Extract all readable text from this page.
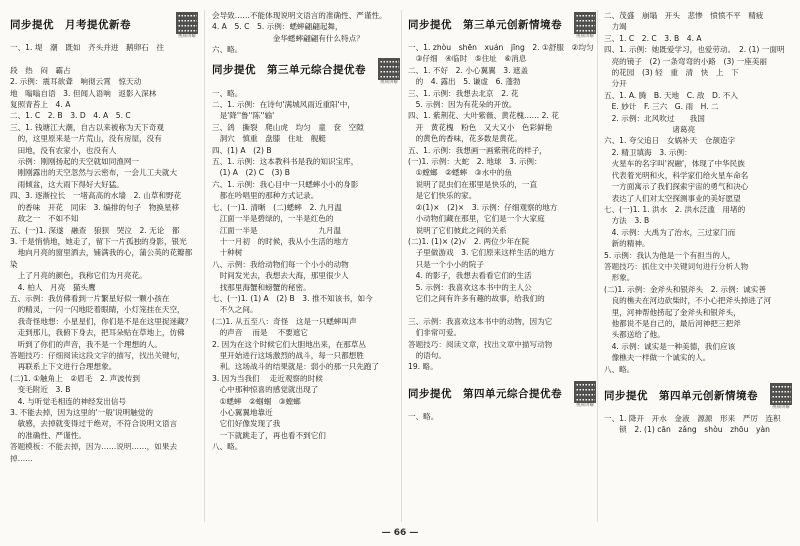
同步提优　月考提优新卷
视频讲解

一、1. 堤　潮　既如　齐头并进　鹅卵石　往

段　热　闷　霸占　　　　　　　　　　　　　

2. 示例：震耳欲聋　响彻云霄　惊天动

地　嗡嗡自语　3. 但闻人语响　返影入深林

复照青苔上　4. A

二、1. C　2. B　3. D　4. A　5. C

三、1. 钱塘江大潮，自古以来被称为天下奇观

　的，这里原来是一片荒山，没有房屋，没有

　田地，没有农家小，也没有人　　

　示例：刚刚扬起的天空就如同渔网一

　刚刚露出的天空忽然与云密布，一会儿工夫就大

　雨倾盆，这大雨下得好大好猛。

四、3. 逐渐拉长　一堵高高的水墙　2. 山草和野花

　的香味　开花　同床　3. 编排的句子　物换星移

　敌之一　不如不知

五、(一)1. 深遂　融查　狼狈　哭泣　2. 无论　都

3. 千是悄悄地，她走了，留下一片孤独的身影，银光

　地向月亮的窗里洒去，铺满我的心，蒲公英的花瓣都染

　上了月亮的颜色，我称它们为月亮花。

　4. 柏人　月亮　猫头鹰

五、示例：我仿佛看到一片繁星好似一颗小孩在

　的精灵，一闪一闪地眨着眼睛，小灯笼挂在天空，

　我奇怪地想：小星星们，你们是不是在这里捉迷藏？

　走到那儿，我俯下身去，把耳朵贴在草地上，仿佛

　听到了你们的声音，我不是一个理想的人。

答题技巧：仔细阅读这段文字的描写，找出关键句，

　再联系上下文进行合理想象。

(二)1. ①触角上　②眉毛　2. 声波传到

　变毛附近　3. B

　4. 与听觉毛相连的神经发出信号

3. 不能去掉，因为这里的'一般'说明触觉的

　敏感，去掉就变得过于绝对，不符合说明文语言

　的准确性、严谨性。

答题模板：不能去掉，因为……说明……，如果去掉……

会导致……不能体现说明文语言的准确性、严谨性。

4. A　5. C　5. 示例：蟋蟀翩翩起舞，

　　　　　　　　金华蟋蟀翩翩有什么特点？

六、略。

同步提优　第三单元综合提优卷
视频讲解

一、略。

二、1. 示例：在诗句'满城风雨近重阳'中，

　是'降''鲁''陈''输'

三、鸽　撕裂　爬山虎　均匀　童　奁　空隙

　洞穴　慎重　盘膝　住址　舰艇

四、(1) A　(2) B

五、1. 示例：这本教科书是我的知识宝库，

　(1) A　(2) C　(3) B

六、1. 示例：我心目中一只蟋蟀小小的身影

　都在吟唱里的那种方式记录。

七、(一)1. 清晰　(二)蟋蟀　2. 九月温

　江面一半是碧绿的，一半是红色的

　江面一半是　　　　　　　　九月温

　十一月初　的时候，我从小生活的地方

　十种树　　　　　　　　　　　　　　

八、示例：我给动物们每一个小小的动物

　时间发光去，我想去大海，那里很少人

　找那里海蟹和螃蟹的秘密。

七、(一)1. (1) A　(2) B　3. 推不知该书，如今

　不久之间。

(二)1. 从五至八：奇怪　这是一只蟋蟀叫声

　的声音 　而是 　不要遮它

2. 因为在这个时候它们大胆地出来，在那草丛

　里开始进行这场激烈的战斗，每一只都想胜

　利。这场战斗的结果就是：弱小的那一只先跑了

3. 因为当我们 　走近观察的时候

　心中那种惊喜的感觉就出现了

　①蟋蟀　②蝈蝈　③螳螂

　小心翼翼地靠近

　它们好像发现了我

　一下就跳走了，再也看不到它们

八、略。

同步提优　第三单元创新情境卷
视频讲解

一、1. zhòu　shēn　xuán　jīng　2. ①舒服　②均匀

　③仔细　④临时　⑤住址　⑥消息

二、1. 不好　2. 小心翼翼　3. 遮盖

　的　4. 露出　5. 谦虚　6. 蓬勃

三、1. 示例：我想去北京　2. 花

　5. 示例：因为有花朵的开放。

四、1. 紫荆花、大叶紫薇、黄花槐…… 2. 花

　开　黄花槐　粉色　又大又小　色彩鲜艳

　的黄色的香味，花多数是黄花。

五、1. 示例：我想画一画紫荆花的样子，

(一)1. 示例：大蛇　2. 地球　3. 示例：

　①螳螂　②蟋蟀　③水中的鱼

　说明了昆虫们在那里是快乐的，一直

　是它们快乐的家。

　②(1)×　(2)×　3. 示例：仔细观察的地方

　小动物们藏在那里，它们是一个大家庭

　说明了它们彼此之间的关系

(二)1. (1)× (2)√　2. 两位少年在院

　子里做游戏　3. 它们原来这样生活的地方

　只是一个小小的院子

　4. 的影子，我想去看看它们的生活

　5. 示例：我喜欢这本书中的主人公

　它们之间有许多有趣的故事，给我们的

三、示例：我喜欢这本书中的动物，因为它

　们非常可爱。

答题技巧：阅读文章，找出文章中描写动物

　的语句。

19. 略。

同步提优　第四单元综合提优卷
视频讲解

一、略。

二、茂盛　崩塌　开头　悲惨　愤愤不平　精疲

　力竭

三、1. C　2. C　3. B　4. A

四、1. 示例：她既爱学习，也爱劳动。　2. (1) 一面明

　亮的镜子　(2) 一条弯弯的小路　(3) 一座美丽

　的花园　(3) 轻　重　清　快　上　下

　分开

五、1. A. 腾　B. 天地　C. 敌　D. 不入

　E. 妙计　F. 三六　G. 雨　H. 二

　2. 示例：北风吹过　　我国

　　　　　　　　　诸葛亮

六、1. 夸父追日　女娲补天　仓颉造字

　2. 精卫填海　3. 示例：

　火星车的名字叫'祝融'，体现了中华民族

　代表着光明和火，科学家们给火星车命名

　一方面寓示了我们探索宇宙的勇气和决心

　表达了人们对太空探测事业的美好愿望

七、(一)1. 1. 洪水　2. 洪水泛滥　用堵的

　方法　3. B

　4. 示例：大禹为了治水，三过家门而

　新的精神。

5. 示例：我认为他是一个有担当的人，

答题技巧：抓住文中关键词句进行分析人物

　形象。

(二)1. 示例：金斧头和银斧头　2. 示例：诚实善

　良的樵夫在河边砍柴时，不小心把斧头掉进了河

　里，河神帮他捞起了金斧头和银斧头，

　他都说不是自己的，最后河神把三把斧

　头都送给了他。

　4. 示例：诚实是一种美德，我们应该

　像樵夫一样做一个诚实的人。

八、略。

同步提优　第四单元创新情境卷
视频讲解

一、1. 降开　开水　金液　源源　形来　严厉　连积

　　锁　2. (1) cān　zǎng　shòu　zhōu　yàn

— 66 —
